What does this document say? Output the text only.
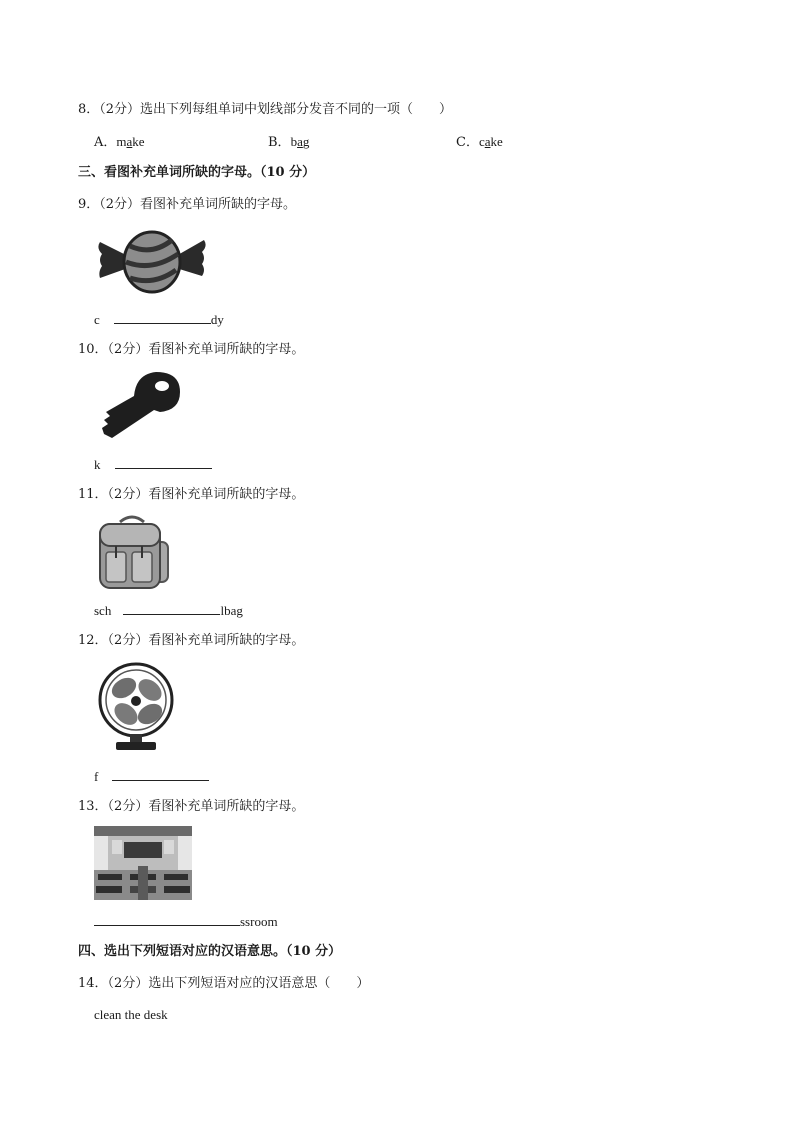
8．（2分）选出下列每组单词中划线部分发音不同的一项（　　）
A．make	B．bag	C．cake
三、看图补充单词所缺的字母。（10 分）
9．（2分）看图补充单词所缺的字母。
c	dy
10．（2分）看图补充单词所缺的字母。
k
11．（2分）看图补充单词所缺的字母。
sch	lbag
12．（2分）看图补充单词所缺的字母。
f
13．（2分）看图补充单词所缺的字母。
ssroom
四、选出下列短语对应的汉语意思。（10 分）
14．（2分）选出下列短语对应的汉语意思（　　）
clean the desk
